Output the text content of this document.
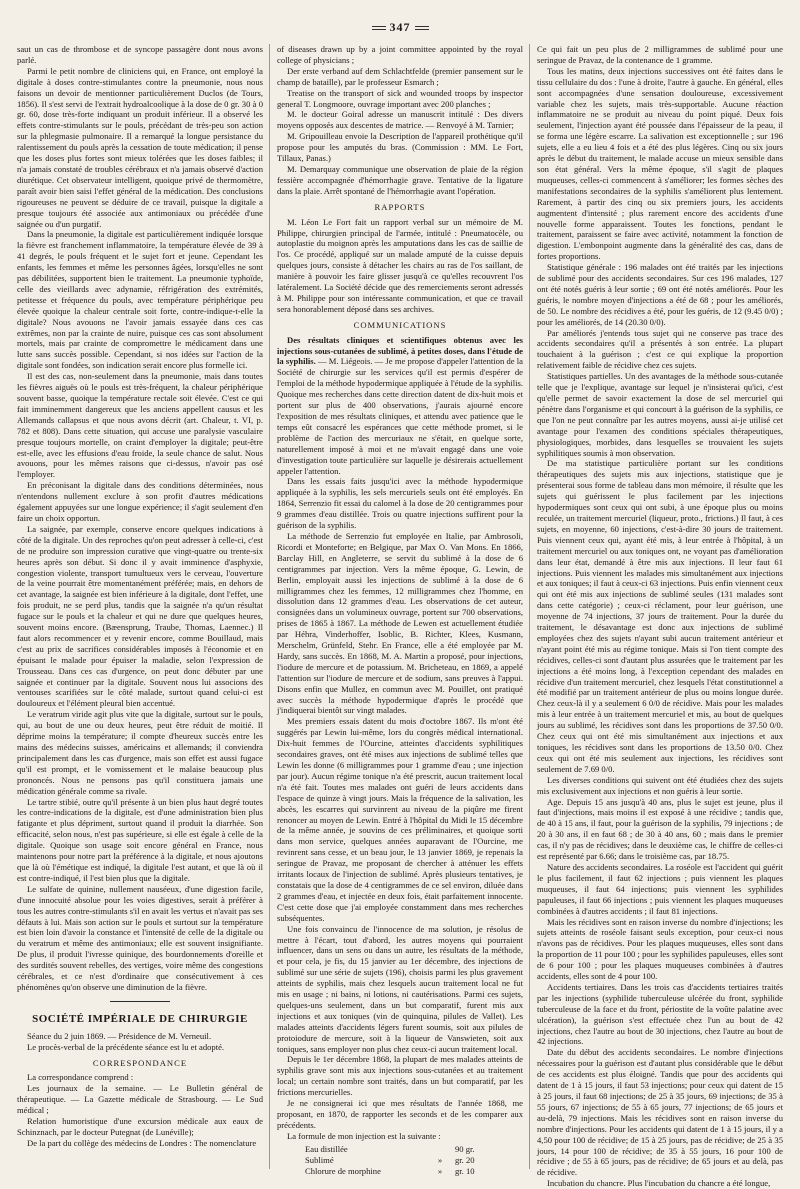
347

saut un cas de thrombose et de syncope passagère dont nous avons parlé.

Parmi le petit nombre de cliniciens qui, en France, ont employé la digitale à doses contre-stimulantes contre la pneumonie, nous nous faisons un devoir de mentionner particulièrement Duclos (de Tours, 1856). Il s'est servi de l'extrait hydroalcoolique à la dose de 0 gr. 30 à 0 gr. 60, dose très-forte indiquant un produit inférieur. Il a observé les effets contre-stimulants sur le pouls, précédant de très-peu son action sur la phlegmasie pulmonaire. Il a remarqué la longue persistance du ralentissement du pouls après la cessation de toute médication; il pense que les doses plus fortes sont mieux tolérées que les doses faibles; il n'a jamais constaté de troubles cérébraux et n'a jamais observé d'action diurétique. Cet observateur intelligent, quoique privé de thermomètre, paraît avoir bien saisi l'effet général de la médication. Des conclusions rigoureuses ne peuvent se déduire de ce travail, puisque la digitale a presque toujours été associée aux antimoniaux ou précédée d'une saignée ou d'un purgatif.

Dans la pneumonie, la digitale est particulièrement indiquée lorsque la fièvre est franchement inflammatoire, la température élevée de 39 à 41 degrés, le pouls fréquent et le sujet fort et jeune. Cependant les enfants, les femmes et même les personnes âgées, lorsqu'elles ne sont pas débilitées, supportent bien le traitement. La pneumonie typhoïde, celle des vieillards avec adynamie, réfrigération des extrémités, petitesse et fréquence du pouls, avec température périphérique peu élevée quoique la chaleur centrale soit forte, contre-indique-t-elle la digitale? Nous avouons ne l'avoir jamais essayée dans ces cas extrêmes, non par la crainte de nuire, puisque ces cas sont absolument mortels, mais par crainte de compromettre le médicament dans une lutte sans succès possible. Cependant, si nos idées sur l'action de la digitale sont fondées, son indication serait encore plus formelle ici.

Il est des cas, non-seulement dans la pneumonie, mais dans toutes les fièvres aiguës où le pouls est très-fréquent, la chaleur périphérique souvent basse, quoique la température rectale soit élevée. C'est ce qui fait imminemment dangereux que les anciens appellent causus et les Allemands callapsus et que nous avons décrit (art. Chaleur, t. VI, p. 782 et 808). Dans cette situation, qui accuse une paralysie vasculaire presque toujours mortelle, on craint d'employer la digitale; peut-être est-elle, avec les effusions d'eau froide, la seule chance de salut. Nous avouons, pour les mêmes raisons que ci-dessus, n'avoir pas osé l'employer.

En préconisant la digitale dans des conditions déterminées, nous n'entendons nullement exclure à son profit d'autres médications également appuyées sur une longue expérience; il s'agit seulement d'en faire un choix opportun.

La saignée, par exemple, conserve encore quelques indications à côté de la digitale. Un des reproches qu'on peut adresser à celle-ci, c'est de ne produire son impression curative que vingt-quatre ou trente-six heures après son début. Si donc il y avait imminence d'asphyxie, congestion violente, transport tumultueux vers le cerveau, l'ouverture de la veine pourrait être momentanément préférée; mais, en dehors de cet avantage, la saignée est bien inférieure à la digitale, dont l'effet, une fois produit, ne se perd plus, tandis que la saignée n'a qu'un résultat fugace sur le pouls et la chaleur et qui ne dure que quelques heures, souvent moins encore. (Bæensprung, Traube, Thomas, Laennec.) Il faut alors recommencer et y revenir encore, comme Bouillaud, mais c'est au prix de sacrifices considérables imposés à l'économie et en épuisant le malade pour épuiser la maladie, selon l'expression de Trousseau. Dans ces cas d'urgence, on peut donc débuter par une saignée et continuer par la digitale. Souvent nous lui associons des ventouses scarifiées sur le côté malade, surtout quand celui-ci est douloureux et l'élément pleural bien accentué.

Le veratrum viride agit plus vite que la digitale, surtout sur le pouls, qui, au bout de une ou deux heures, peut être réduit de moitié. Il déprime moins la température; il compte d'heureux succès entre les mains des médecins suisses, américains et allemands; il conviendra principalement dans les cas d'urgence, mais son effet est aussi fugace qu'il est prompt, et le vomissement et le malaise beaucoup plus prononcés. Nous ne pensons pas qu'il constituera jamais une médication générale comme sa rivale.

Le tartre stibié, outre qu'il présente à un bien plus haut degré toutes les contre-indications de la digitale, est d'une administration bien plus fatigante et plus dépriment, surtout quand il produit la diarrhée. Son efficacité, selon nous, n'est pas supérieure, si elle est égale à celle de la digitale. Quoique son usage soit encore général en France, nous maintenons pour notre part la préférence à la digitale, et nous ajoutons que là où l'émétique est indiqué, la digitale l'est autant, et que là où il est contre-indiqué, il l'est bien plus que la digitale.

Le sulfate de quinine, nullement nauséeux, d'une digestion facile, d'une innocuité absolue pour les voies digestives, serait à préférer à tous les autres contre-stimulants s'il en avait les vertus et n'avait pas ses défauts à lui. Mais son action sur le pouls et surtout sur la température est bien loin d'avoir la constance et l'intensité de celle de la digitale ou du veratrum et même des antimoniaux; elle est souvent insignifiante. De plus, il produit l'ivresse quinique, des bourdonnements d'oreille et des surdités souvent rebelles, des vertiges, voire même des congestions cérébrales, et ce n'est d'ordinaire que consécutivement à ces phénomènes qu'on observe une diminution de la fièvre.

SOCIÉTÉ IMPÉRIALE DE CHIRURGIE

Séance du 2 juin 1869. — Présidence de M. Verneuil.

Le procès-verbal de la précédente séance est lu et adopté.

CORRESPONDANCE

La correspondance comprend :

Les journaux de la semaine. — Le Bulletin général de thérapeutique. — La Gazette médicale de Strasbourg. — Le Sud médical ;

Relation humoristique d'une excursion médicale aux eaux de Schinznach, par le docteur Putegnat (de Lunéville);

De la part du collège des médecins de Londres : The nomenclature

of diseases drawn up by a joint committee appointed by the royal college of physicians ;

Der erste verband auf dem Schlachtfelde (premier pansement sur le champ de bataille), par le professeur Esmarch ;

Treatise on the transport of sick and wounded troops by inspector general T. Longmoore, ouvrage important avec 200 planches ;

M. le docteur Goiral adresse un manuscrit intitulé : Des divers moyens opposés aux descentes de matrice. — Renvoyé à M. Tarnier;

M. Gripouilleau envoie la Description de l'appareil prothétique qu'il propose pour les amputés du bras. (Commission : MM. Le Fort, Tillaux, Panas.)

M. Demarquay communique une observation de plaie de la région fessière accompagnée d'hémorrhagie grave. Tentative de la ligature dans la plaie. Arrêt spontané de l'hémorrhagie avant l'opération.

RAPPORTS

M. Léon Le Fort fait un rapport verbal sur un mémoire de M. Philippe, chirurgien principal de l'armée, intitulé : Pneumatocèle, ou autoplastie du moignon après les amputations dans les cas de saillie de l'os. Ce procédé, appliqué sur un malade amputé de la cuisse depuis quelques jours, consiste à détacher les chairs au ras de l'os saillant, de manière à pouvoir les faire glisser jusqu'à ce qu'elles recouvrent l'os latéralement. La Société décide que des remerciements seront adressés à M. Philippe pour son intéressante communication, et que ce travail sera honorablement déposé dans ses archives.

COMMUNICATIONS

Des résultats cliniques et scientifiques obtenus avec les injections sous-cutanées de sublimé, à petites doses, dans l'étude de la syphilis. — M. Liégeois. — Je me propose d'appeler l'attention de la Société de chirurgie sur les services qu'il est permis d'espérer de l'emploi de la méthode hypodermique appliquée à l'étude de la syphilis. Quoique mes recherches dans cette direction datent de dix-huit mois et portent sur plus de 400 observations, j'aurais ajourné encore l'exposition de mes résultats cliniques, et attendu avec patience que le temps eût consacré les espérances que cette méthode promet, si le problème de l'action des mercuriaux ne s'était, en quelque sorte, naturellement imposé à moi et ne m'avait engagé dans une voie d'investigation toute particulière sur laquelle je désirerais actuellement appeler l'attention.

Dans les essais faits jusqu'ici avec la méthode hypodermique appliquée à la syphilis, les sels mercuriels seuls ont été employés. En 1864, Serrenzio fit essai du calomel à la dose de 20 centigrammes pour 9 grammes d'eau distillée. Trois ou quatre injections suffirent pour la guérison de la syphilis.

La méthode de Serrenzio fut employée en Italie, par Ambrosoli, Ricordi et Monteforte; en Belgique, par Max O. Van Mons. En 1866, Barclay Hill, en Angleterre, se servit du sublimé à la dose de 6 centigrammes par injection. Vers la même époque, G. Lewin, de Berlin, employait aussi les injections de sublimé à la dose de 6 milligrammes chez les femmes, 12 milligrammes chez l'homme, en dissolution dans 12 grammes d'eau. Les observations de cet auteur, consignées dans un volumineux ouvrage, portent sur 700 observations, prises de 1865 à 1867. La méthode de Lewen est actuellement étudiée par Héhra, Vinderhoffer, Isoblic, B. Richter, Klees, Kusmann, Merschelm, Grünfeld, Stehr. En France, elle a été employée par M. Hardy, sans succès. En 1868, M. A. Martin a proposé, pour injections, l'iodure de mercure et de potassium. M. Bricheteau, en 1869, a appelé l'attention sur l'iodure de mercure et de sodium, sans preuves à l'appui. Disons enfin que Mullez, en commun avec M. Pouillet, ont pratiqué avec succès la méthode hypodermique d'après le procédé que j'indiquerai bientôt sur vingt malades.

Mes premiers essais datent du mois d'octobre 1867. Ils m'ont été suggérés par Lewin lui-même, lors du congrès médical international. Dix-huit femmes de l'Ourcine, atteintes d'accidents syphilitiques secondaires graves, ont été mises aux injections de sublimé telles que Lewin les donne (6 milligrammes pour 1 gramme d'eau ; une injection par jour). Aucun régime tonique n'a été prescrit, aucun traitement local n'a été fait. Toutes mes malades ont guéri de leurs accidents dans l'espace de quinze à vingt jours. Mais la fréquence de la salivation, les abcès, les escarres qui survinrent au niveau de la piqûre me firent renoncer au moyen de Lewin. Entré à l'hôpital du Midi le 15 décembre de la même année, je souvins de ces préliminaires, et quoique sorti dans mon service, quelques années auparavant de l'Ourcine, me revinrent sans cesse, et un beau jour, le 13 janvier 1869, je repenais la seringue de Pravaz, me proposant de chercher à atténuer les effets irritants locaux de l'injection de sublimé. Après plusieurs tentatives, je constatais que la dose de 4 centigrammes de ce sel environ, diluée dans 2 grammes d'eau, et injectée en deux fois, était parfaitement innocente. C'est cette dose que j'ai employée constamment dans mes recherches subséquentes.

Une fois convaincu de l'innocence de ma solution, je résolus de mettre à l'écart, tout d'abord, les autres moyens qui pourraient influencer, dans un sens ou dans un autre, les résultats de la méthode, et pour cela, je fis, du 15 janvier au 1er décembre, des injections de sublimé sur une série de sujets (196), choisis parmi les plus gravement atteints de syphilis, mais chez lesquels aucun traitement local ne fut mis en usage ; ni bains, ni lotions, ni cautérisations. Parmi ces sujets, quelques-uns seulement, dans un but comparatif, furent mis aux injections et aux toniques (vin de quinquina, pilules de Vallet). Les malades atteints d'accidents légers furent soumis, soit aux pilules de protoiodure de mercure, soit à la liqueur de Vanswieten, soit aux toniques, sans employer non plus chez ceux-ci aucun traitement local.

Depuis le 1er décembre 1868, la plupart de mes malades atteints de syphilis grave sont mis aux injections sous-cutanées et au traitement local; un certain nombre sont traités, dans un but comparatif, par les frictions mercurielles.

Je ne consignerai ici que mes résultats de l'année 1868, me proposant, en 1870, de rapporter les seconds et de les comparer aux précédents.

La formule de mon injection est la suivante :

Eau distillée	90 gr.
Sublimé	»	gr. 20
Chlorure de morphine	»	gr. 10

Ce qui fait un peu plus de 2 milligrammes de sublimé pour une seringue de Pravaz, de la contenance de 1 gramme.

Tous les matins, deux injections successives ont été faites dans le tissu cellulaire du dos : l'une à droite, l'autre à gauche. En général, elles sont accompagnées d'une sensation douloureuse, excessivement variable chez les sujets, mais très-supportable. Aucune réaction inflammatoire ne se produit au niveau du point piqué. Deux fois seulement, l'injection ayant été poussée dans l'épaisseur de la peau, il se forma une légère escarre. La salivation est exceptionnelle ; sur 196 sujets, elle a eu lieu 4 fois et a été des plus légères. Cinq ou six jours après le début du traitement, le malade accuse un mieux sensible dans son état général. Vers la même époque, s'il s'agit de plaques muqueuses, celles-ci commencent à s'améliorer; les formes sèches des manifestations secondaires de la syphilis s'améliorent plus lentement. Rarement, à partir des cinq ou six premiers jours, les accidents augmentent d'intensité ; plus rarement encore des accidents d'une nouvelle forme apparaissent. Toutes les fonctions, pendant le traitement, paraissent se faire avec activité, notamment la fonction de digestion. L'embonpoint augmente dans la généralité des cas, dans de fortes proportions.

Statistique générale : 196 malades ont été traités par les injections de sublimé pour des accidents secondaires. Sur ces 196 malades, 127 ont été notés guéris à leur sortie ; 69 ont été notés améliorés. Pour les guéris, le nombre moyen d'injections a été de 68 ; pour les améliorés, de 50. Le nombre des récidives a été, pour les guéris, de 12 (9.45 0/0) ; pour les améliorés, de 14 (20.30 0/0).

Par améliorés j'entends tous sujet qui ne conserve pas trace des accidents secondaires qu'il a présentés à son entrée. La plupart touchaient à la guérison ; c'est ce qui explique la proportion relativement faible de récidive chez ces sujets.

Statistiques partielles. Un des avantages de la méthode sous-cutanée telle que je l'explique, avantage sur lequel je n'insisterai qu'ici, c'est qu'elle permet de savoir exactement la dose de sel mercuriel qui pénètre dans l'organisme et qui concourt à la guérison de la syphilis, ce que l'on ne peut connaître par les autres moyens, aussi ai-je utilisé cet avantage pour l'examen des conditions spéciales thérapeutiques, physiologiques, morbides, dans lesquelles se trouvaient les sujets syphilitiques soumis à mon observation.

De ma statistique particulière portant sur les conditions thérapeutiques des sujets mis aux injections, statistique que je présenterai sous forme de tableau dans mon mémoire, il résulte que les sujets qui guérissent le plus facilement par les injections hypodermiques sont ceux qui ont subi, à une époque plus ou moins reculée, un traitement mercuriel (liqueur, proto., frictions.) Il faut, à ces sujets, en moyenne, 60 injections, c'est-à-dire 30 jours de traitement. Puis viennent ceux qui, ayant été mis, à leur entrée à l'hôpital, à un traitement mercuriel ou aux toniques ont, ne voyant pas d'amélioration dans leur état, demandé à être mis aux injections. Il leur faut 61 injections. Puis viennent les malades mis simultanément aux injections et aux toniques; il faut à ceux-ci 63 injections. Puis enfin viennent ceux qui ont été mis aux injections de sublimé seules (131 malades sont dans cette catégorie) ; ceux-ci réclament, pour leur guérison, une moyenne de 74 injections, 37 jours de traitement. Pour la durée du traitement, le désavantage est donc aux injections de sublimé employées chez des sujets n'ayant subi aucun traitement antérieur et n'ayant point été mis au régime tonique. Mais si l'on tient compte des récidives, celles-ci sont d'autant plus assurées que le traitement par les injections a été moins long, à l'exception cependant des malades en récidive d'un traitement mercuriel, chez lesquels l'état constitutionnel a été modifié par un traitement antérieur de plus ou moins longue durée. Chez ceux-là il y a seulement 6 0/0 de récidive. Mais pour les malades mis à leur entrée à un traitement mercuriel et mis, au bout de quelques jours au sublimé, les récidives sont dans les proportions de 37.50 0/0. Chez ceux qui ont été mis simultanément aux injections et aux toniques, les récidives sont dans les proportions de 13.50 0/0. Chez ceux qui ont été mis seulement aux injections, les récidives sont seulement de 7.69 0/0.

Les diverses conditions qui suivent ont été étudiées chez des sujets mis exclusivement aux injections et non guéris à leur sortie.

Age. Depuis 15 ans jusqu'à 40 ans, plus le sujet est jeune, plus il faut d'injections, mais moins il est exposé à une récidive ; tandis que, de 40 à 15 ans, il faut, pour la guérison de la syphilis, 79 injections ; de 20 à 30 ans, il en faut 68 ; de 30 à 40 ans, 60 ; mais dans le premier cas, il n'y pas de récidives; dans le deuxième cas, le chiffre de celles-ci est représenté par 6.66; dans le troisième cas, par 18.75.

Nature des accidents secondaires. La roséole est l'accident qui guérit le plus facilement, il faut 62 injections ; puis viennent les plaques muqueuses, il faut 64 injections; puis viennent les syphilides papuleuses, il faut 66 injections ; puis viennent les plaques muqueuses combinées à d'autres accidents ; il faut 81 injections.

Mais les récidives sont en raison inverse du nombre d'injections; les sujets atteints de roséole faisant seuls exception, pour ceux-ci nous n'avons pas de récidives. Pour les plaques muqueuses, elles sont dans la proportion de 11 pour 100 ; pour les syphilides papuleuses, elles sont de 6 pour 100 ; pour les plaques muqueuses combinées à d'autres accidents, elles sont de 4 pour 100.

Accidents tertiaires. Dans les trois cas d'accidents tertiaires traités par les injections (syphilide tuberculeuse ulcérée du front, syphilide tuberculeuse de la face et du front, périostite de la voûte palatine avec ulcération), la guérison s'est effectuée chez l'un au bout de 42 injections, chez l'autre au bout de 30 injections, chez l'autre au bout de 42 injections.

Date du début des accidents secondaires. Le nombre d'injections nécessaires pour la guérison est d'autant plus considérable que le début de ces accidents est plus éloigné. Tandis que pour des accidents qui datent de 1 à 15 jours, il faut 53 injections; pour ceux qui datent de 15 à 25 jours, il faut 68 injections; de 25 à 35 jours, 69 injections; de 35 à 55 jours, 67 injections; de 55 à 65 jours, 77 injections; de 65 jours et au-delà, 79 injections. Mais les récidives sont en raison inverse du nombre d'injections. Pour les accidents qui datent de 1 à 15 jours, il y a 4,50 pour 100 de récidive; de 15 à 25 jours, pas de récidive; de 25 à 35 jours, 14 pour 100 de récidive; de 35 à 55 jours, 16 pour 100 de récidive ; de 55 à 65 jours, pas de récidive; de 65 jours et au delà, pas de récidive.

Incubation du chancre. Plus l'incubation du chancre a été longue,
